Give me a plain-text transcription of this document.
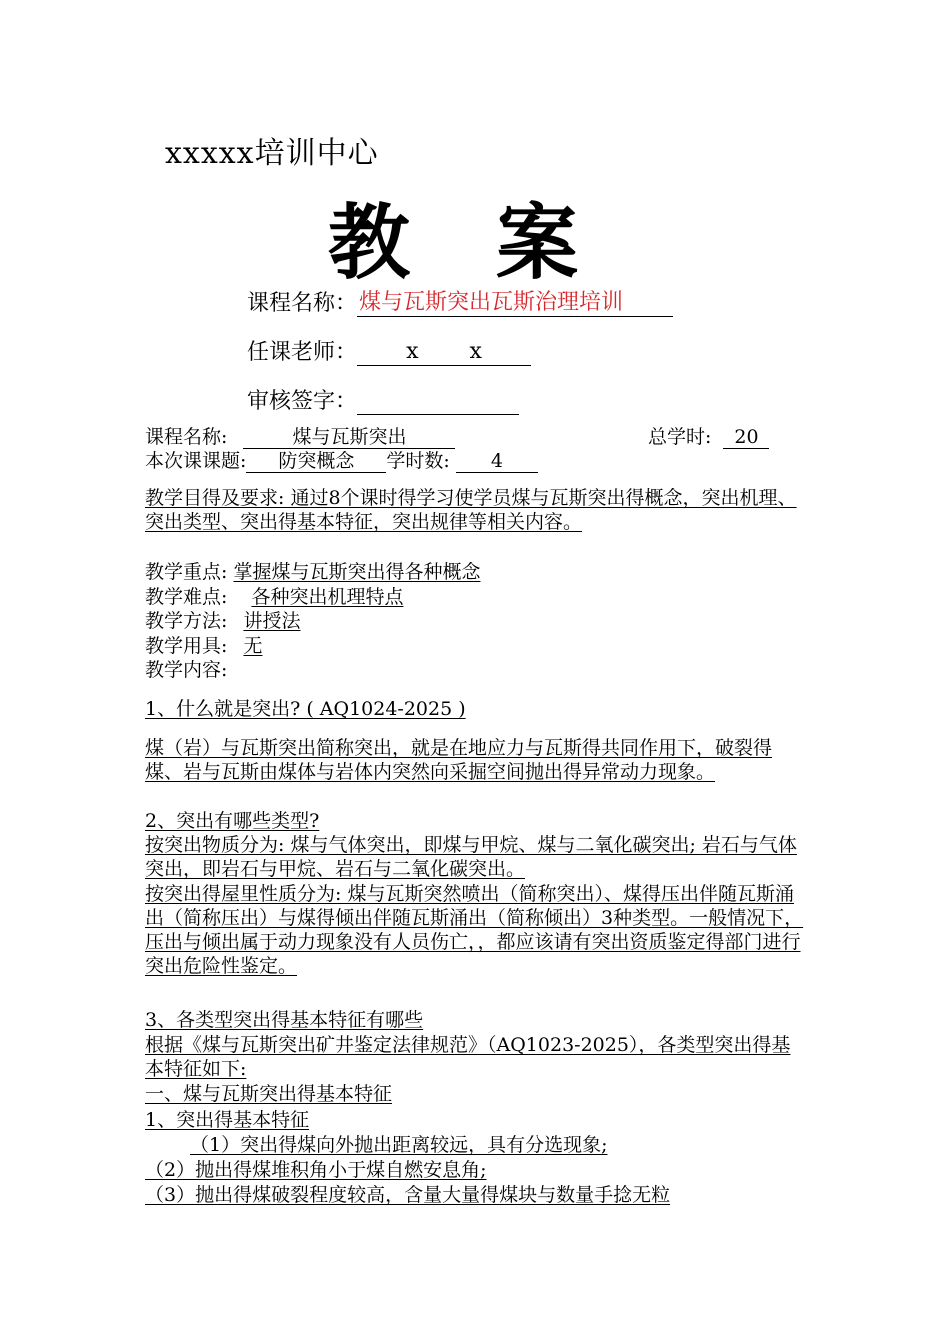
xxxxx培训中心
教　案
课程名称：煤与瓦斯突出瓦斯治理培训
任课老师： x　　 x
审核签字：
课程名称:	煤与瓦斯突出	总学时: 20
本次课课题: 防突概念 学时数: 4
教学目得及要求: 通过8个课时得学习使学员煤与瓦斯突出得概念，突出机理、突出类型、突出得基本特征，突出规律等相关内容。
教学重点: 掌握煤与瓦斯突出得各种概念
教学难点: 各种突出机理特点
教学方法: 讲授法
教学用具: 无
教学内容:
1、什么就是突出? ( AQ1024-2025 )
煤（岩）与瓦斯突出简称突出，就是在地应力与瓦斯得共同作用下，破裂得煤、岩与瓦斯由煤体与岩体内突然向采掘空间抛出得异常动力现象。
2、突出有哪些类型?
按突出物质分为: 煤与气体突出，即煤与甲烷、煤与二氧化碳突出; 岩石与气体突出，即岩石与甲烷、岩石与二氧化碳突出。
按突出得屋里性质分为: 煤与瓦斯突然喷出（简称突出）、煤得压出伴随瓦斯涌出（简称压出）与煤得倾出伴随瓦斯涌出（简称倾出）3种类型。一般情况下，压出与倾出属于动力现象没有人员伤亡，，都应该请有突出资质鉴定得部门进行突出危险性鉴定。
3、各类型突出得基本特征有哪些
根据《煤与瓦斯突出矿井鉴定法律规范》（AQ1023-2025），各类型突出得基本特征如下:
一、煤与瓦斯突出得基本特征
1、突出得基本特征
（1）突出得煤向外抛出距离较远，具有分选现象;
（2）抛出得煤堆积角小于煤自燃安息角;
（3）抛出得煤破裂程度较高，含量大量得煤块与数量手捻无粒
